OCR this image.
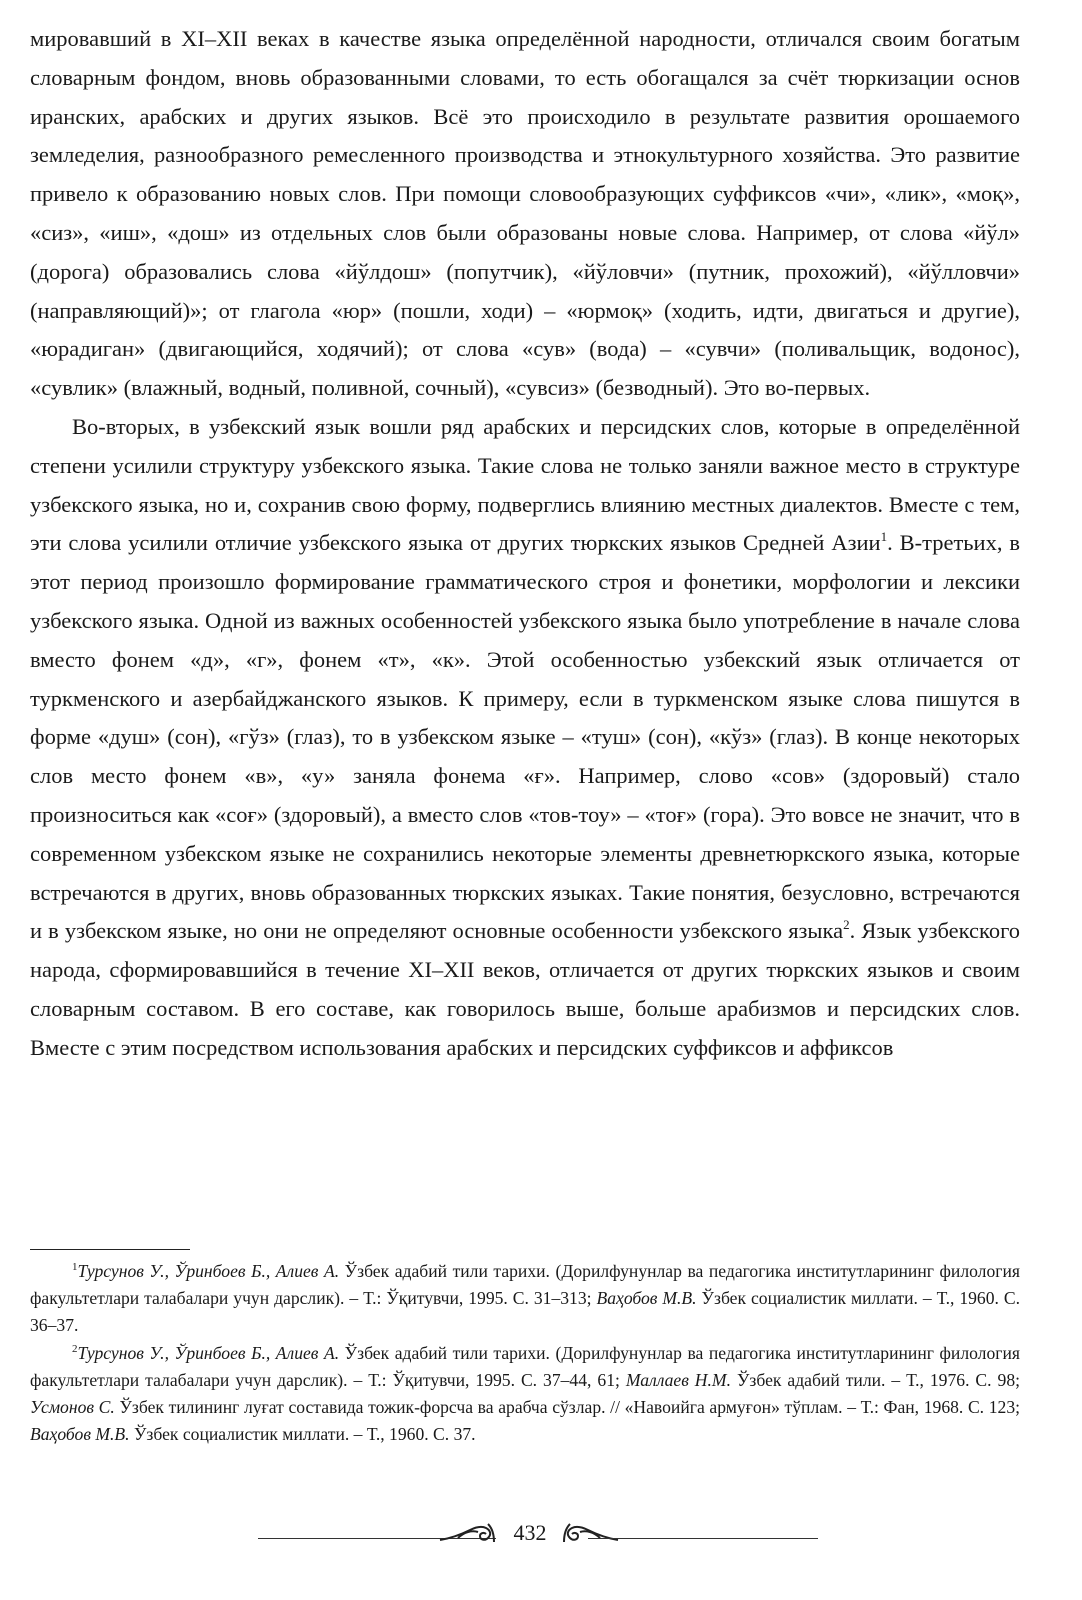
мировавший в XI–XII веках в качестве языка определённой народности, отличался своим богатым словарным фондом, вновь образованными словами, то есть обогащался за счёт тюркизации основ иранских, арабских и других языков. Всё это происходило в результате развития орошаемого земледелия, разнообразного ремесленного производства и этнокультурного хозяйства. Это развитие привело к образованию новых слов. При помощи словообразующих суффиксов «чи», «лик», «моқ», «сиз», «иш», «дош» из отдельных слов были образованы новые слова. Например, от слова «йўл» (дорога) образовались слова «йўлдош» (попутчик), «йўловчи» (путник, прохожий), «йўлловчи» (направляющий)»; от глагола «юр» (пошли, ходи) – «юрмоқ» (ходить, идти, двигаться и другие), «юрадиган» (двигающийся, ходячий); от слова «сув» (вода) – «сувчи» (поливальщик, водонос), «сувлик» (влажный, водный, поливной, сочный), «сувсиз» (безводный). Это во-первых.

Во-вторых, в узбекский язык вошли ряд арабских и персидских слов, которые в определённой степени усилили структуру узбекского языка. Такие слова не только заняли важное место в структуре узбекского языка, но и, сохранив свою форму, подверглись влиянию местных диалектов. Вместе с тем, эти слова усилили отличие узбекского языка от других тюркских языков Средней Азии$^1$. В-третьих, в этот период произошло формирование грамматического строя и фонетики, морфологии и лексики узбекского языка. Одной из важных особенностей узбекского языка было употребление в начале слова вместо фонем «д», «г», фонем «т», «к». Этой особенностью узбекский язык отличается от туркменского и азербайджанского языков. К примеру, если в туркменском языке слова пишутся в форме «душ» (сон), «гўз» (глаз), то в узбекском языке – «туш» (сон), «кўз» (глаз). В конце некоторых слов место фонем «в», «у» заняла фонема «ғ». Например, слово «сов» (здоровый) стало произноситься как «соғ» (здоровый), а вместо слов «тов-тоу» – «тоғ» (гора). Это вовсе не значит, что в современном узбекском языке не сохранились некоторые элементы древнетюркского языка, которые встречаются в других, вновь образованных тюркских языках. Такие понятия, безусловно, встречаются и в узбекском языке, но они не определяют основные особенности узбекского языка$^2$. Язык узбекского народа, сформировавшийся в течение XI–XII веков, отличается от других тюркских языков и своим словарным составом. В его составе, как говорилось выше, больше арабизмов и персидских слов. Вместе с этим посредством использования арабских и персидских суффиксов и аффиксов

$^1$Турсунов У., Ўринбоев Б., Алиев А. Ўзбек адабий тили тарихи. (Дорилфунунлар ва педагогика институтларининг филология факультетлари талабалари учун дарслик). – Т.: Ўқитувчи, 1995. С. 31–313; Ваҳобов М.В. Ўзбек социалистик миллати. – Т., 1960. С. 36–37.

$^2$Турсунов У., Ўринбоев Б., Алиев А. Ўзбек адабий тили тарихи. (Дорилфунунлар ва педагогика институтларининг филология факультетлари талабалари учун дарслик). – Т.: Ўқитувчи, 1995. С. 37–44, 61; Маллаев Н.М. Ўзбек адабий тили. – Т., 1976. С. 98; Усмонов С. Ўзбек тилининг луғат составида тожик-форсча ва арабча сўзлар. // «Навоийга армуғон» тўплам. – Т.: Фан, 1968. С. 123; Ваҳобов М.В. Ўзбек социалистик миллати. – Т., 1960. С. 37.

432
